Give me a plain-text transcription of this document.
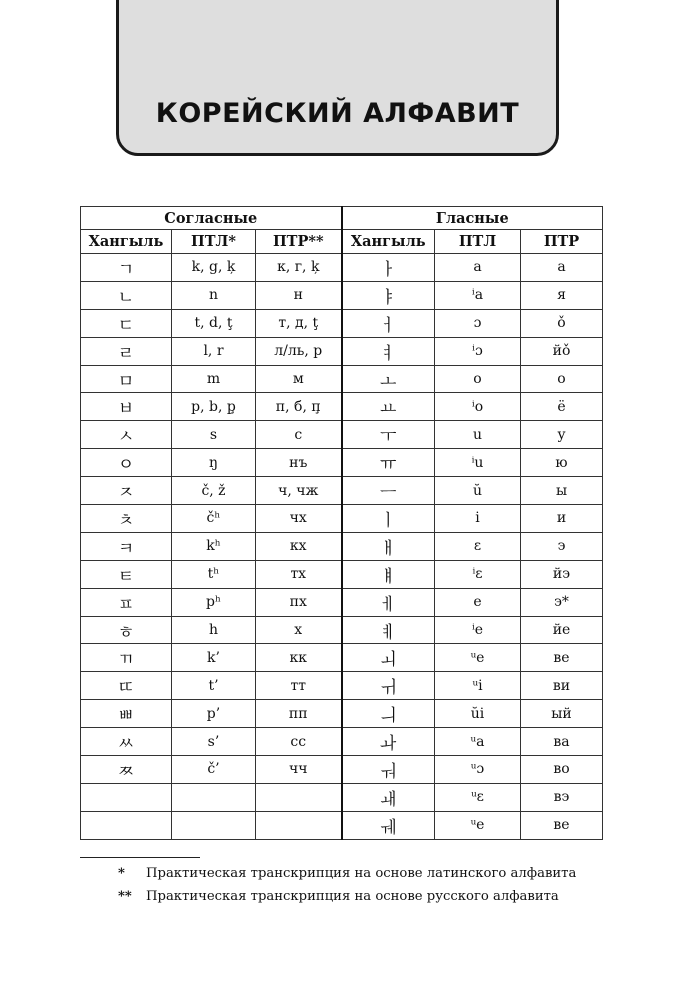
КОРЕЙСКИЙ АЛФАВИТ
Согласные			Гласные		
Хангыль	ПТЛ*	ПТР**	Хангыль	ПТЛ	ПТР
ㄱ	k, g, ķ	к, г, ķ	ㅏ	a	а
ㄴ	n	н	ㅑ	ⁱa	я
ㄷ	t, d, ţ	т, д, ţ	ㅓ	ɔ	ǒ
ㄹ	l, r	л/ль, р	ㅕ	ⁱɔ	йǒ
ㅁ	m	м	ㅗ	o	о
ㅂ	p, b, p̧	п, б, п̧	ㅛ	ⁱo	ё
ㅅ	s	с	ㅜ	u	у
ㅇ	ŋ	нъ	ㅠ	ⁱu	ю
ㅈ	č, ž	ч, чж	ㅡ	ŭ	ы
ㅊ	čʰ	чх	ㅣ	i	и
ㅋ	kʰ	кх	ㅐ	ɛ	э
ㅌ	tʰ	тх	ㅒ	ⁱɛ	йэ
ㅍ	pʰ	пх	ㅔ	e	э*
ㅎ	h	х	ㅖ	ⁱe	йе
ㄲ	k’	кк	ㅚ	ᵘe	ве
ㄸ	t’	тт	ㅟ	ᵘi	ви
ㅃ	p’	пп	ㅢ	ŭi	ый
ㅆ	s’	сс	ㅘ	ᵘa	ва
ㅉ	č’	чч	ㅝ	ᵘɔ	во
			ㅙ	ᵘɛ	вэ
			ㅞ	ᵘe	ве
* Практическая транскрипция на основе латинского алфавита
** Практическая транскрипция на основе русского алфавита
